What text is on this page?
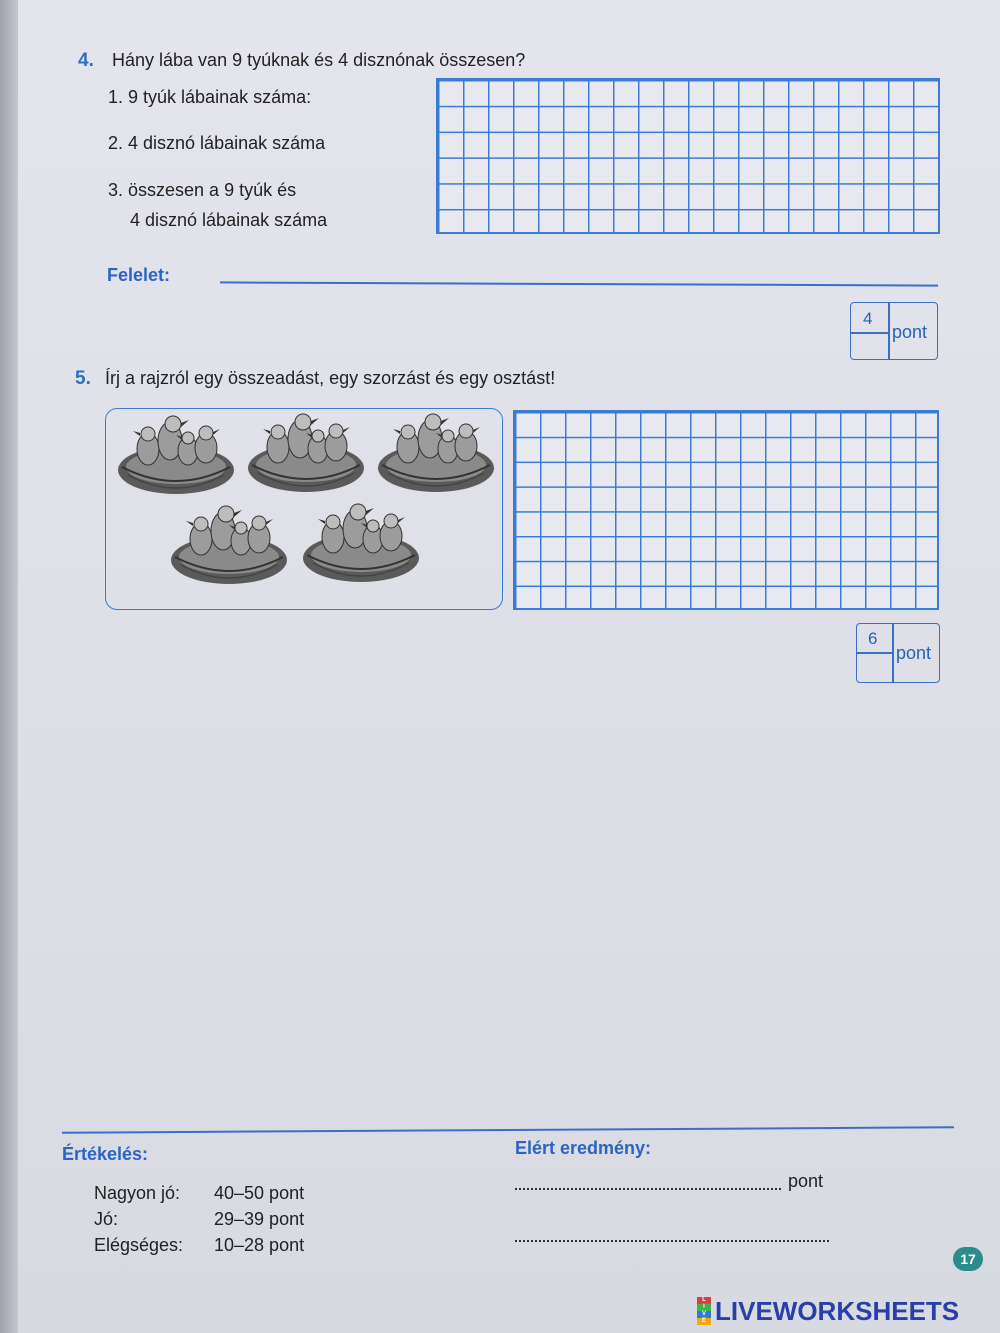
4. Hány lába van 9 tyúknak és 4 disznónak összesen?
1. 9 tyúk lábainak száma:
2. 4 disznó lábainak száma
3. összesen a 9 tyúk és
4 disznó lábainak száma
Felelet:
4
pont
5. Írj a rajzról egy összeadást, egy szorzást és egy osztást!
6
pont
Értékelés:
Nagyon jó:	40–50 pont
Jó:	29–39 pont
Elégséges:	10–28 pont
Elért eredmény:
pont
17
L
I
V
E LIVEWORKSHEETS
